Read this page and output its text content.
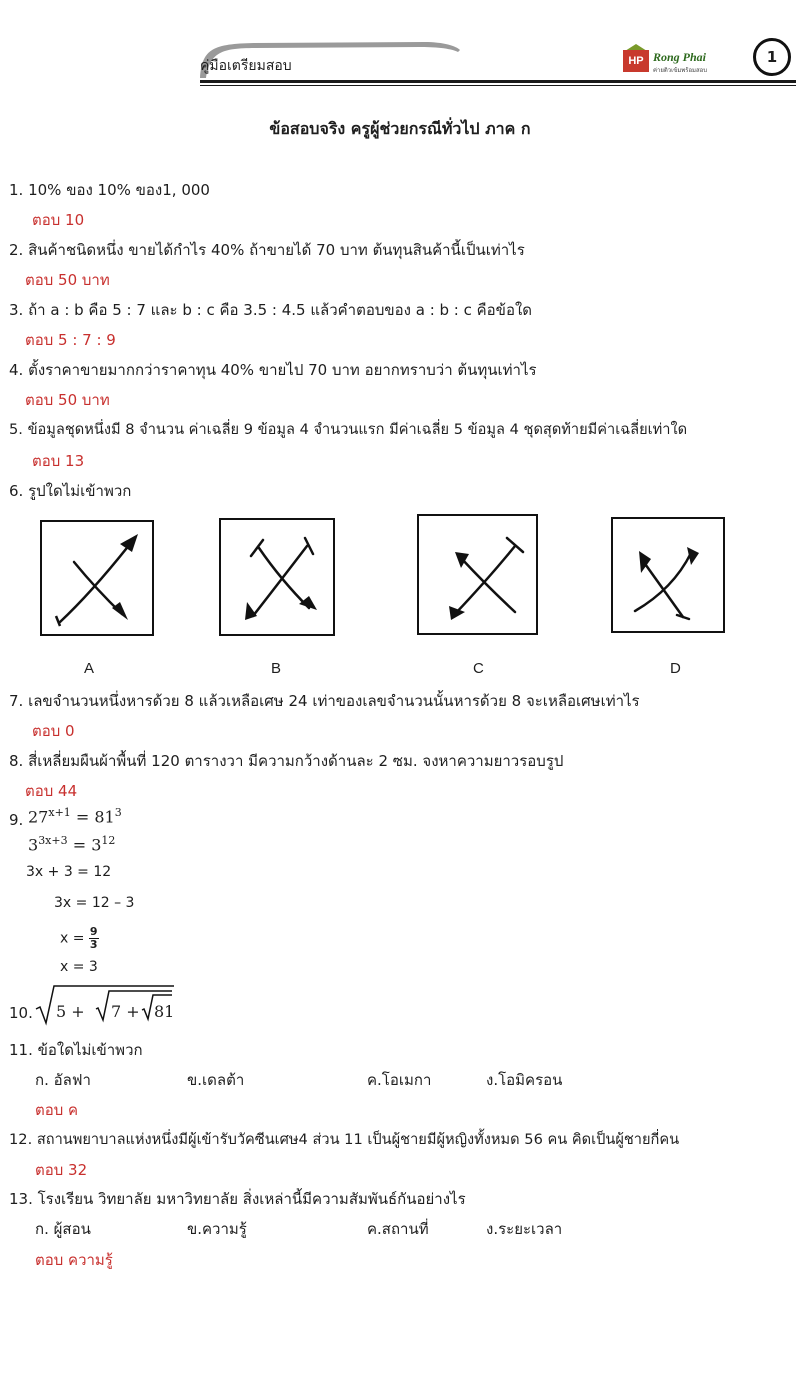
คู่มือเตรียมสอบ	HP Rong Phai
ค่ายติวเข้มพร้อมสอบ
1
ข้อสอบจริง ครูผู้ช่วยกรณีทั่วไป ภาค ก
1. 10% ของ 10% ของ1, 000
ตอบ 10
2. สินค้าชนิดหนึ่ง ขายได้กำไร 40% ถ้าขายได้ 70 บาท ต้นทุนสินค้านี้เป็นเท่าไร
ตอบ 50 บาท
3. ถ้า a : b คือ 5 : 7 และ b : c คือ 3.5 : 4.5 แล้วคำตอบของ a : b : c คือข้อใด
ตอบ 5 : 7 : 9
4. ตั้งราคาขายมากกว่าราคาทุน 40% ขายไป 70 บาท อยากทราบว่า ต้นทุนเท่าไร
ตอบ 50 บาท
5. ข้อมูลชุดหนึ่งมี 8 จำนวน ค่าเฉลี่ย 9 ข้อมูล 4 จำนวนแรก มีค่าเฉลี่ย 5 ข้อมูล 4 ชุดสุดท้ายมีค่าเฉลี่ยเท่าใด
ตอบ 13
6. รูปใดไม่เข้าพวก
A	B	C	D
7. เลขจำนวนหนึ่งหารด้วย 8 แล้วเหลือเศษ 24 เท่าของเลขจำนวนนั้นหารด้วย 8 จะเหลือเศษเท่าไร
ตอบ 0
8. สี่เหลี่ยมผืนผ้าพื้นที่ 120 ตารางวา มีความกว้างด้านละ 2 ซม. จงหาความยาวรอบรูป
ตอบ 44
9. $27^{x+1} = 81^3$
$3^{3x+3} = 3^{12}$
3x + 3 = 12
3x = 12 – 3
$x = \frac{9}{3}$
x = 3
10. 5 + 7 + 81
11. ข้อใดไม่เข้าพวก
ก. อัลฟา	ข.เดลต้า	ค.โอเมกา	ง.โอมิครอน
ตอบ ค
12. สถานพยาบาลแห่งหนึ่งมีผู้เข้ารับวัคซีนเศษ4 ส่วน 11 เป็นผู้ชายมีผู้หญิงทั้งหมด 56 คน คิดเป็นผู้ชายกี่คน
ตอบ 32
13. โรงเรียน วิทยาลัย มหาวิทยาลัย สิ่งเหล่านี้มีความสัมพันธ์กันอย่างไร
ก. ผู้สอน	ข.ความรู้	ค.สถานที่	ง.ระยะเวลา
ตอบ ความรู้
